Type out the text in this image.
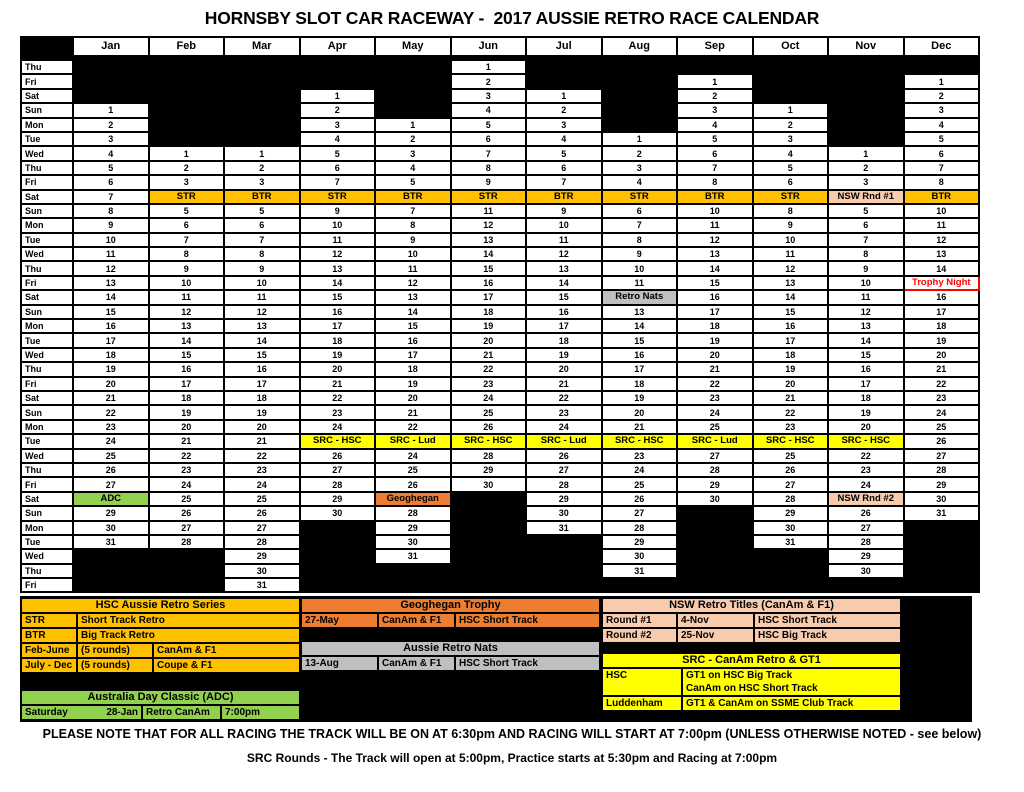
HORNSBY SLOT CAR RACEWAY -  2017 AUSSIE RETRO RACE CALENDAR
	Jan	Feb	Mar	Apr	May	Jun	Jul	Aug	Sep	Oct	Nov	Dec
Thu						1						
Fri						2			1			1
Sat				1		3	1		2			2
Sun	1			2		4	2		3	1		3
Mon	2			3	1	5	3		4	2		4
Tue	3			4	2	6	4	1	5	3		5
Wed	4	1	1	5	3	7	5	2	6	4	1	6
Thu	5	2	2	6	4	8	6	3	7	5	2	7
Fri	6	3	3	7	5	9	7	4	8	6	3	8
Sat	7	STR	BTR	STR	BTR	STR	BTR	STR	BTR	STR	NSW Rnd #1	BTR
Sun	8	5	5	9	7	11	9	6	10	8	5	10
Mon	9	6	6	10	8	12	10	7	11	9	6	11
Tue	10	7	7	11	9	13	11	8	12	10	7	12
Wed	11	8	8	12	10	14	12	9	13	11	8	13
Thu	12	9	9	13	11	15	13	10	14	12	9	14
Fri	13	10	10	14	12	16	14	11	15	13	10	Trophy Night
Sat	14	11	11	15	13	17	15	Retro Nats	16	14	11	16
Sun	15	12	12	16	14	18	16	13	17	15	12	17
Mon	16	13	13	17	15	19	17	14	18	16	13	18
Tue	17	14	14	18	16	20	18	15	19	17	14	19
Wed	18	15	15	19	17	21	19	16	20	18	15	20
Thu	19	16	16	20	18	22	20	17	21	19	16	21
Fri	20	17	17	21	19	23	21	18	22	20	17	22
Sat	21	18	18	22	20	24	22	19	23	21	18	23
Sun	22	19	19	23	21	25	23	20	24	22	19	24
Mon	23	20	20	24	22	26	24	21	25	23	20	25
Tue	24	21	21	SRC - HSC	SRC - Lud	SRC - HSC	SRC - Lud	SRC - HSC	SRC - Lud	SRC - HSC	SRC - HSC	26
Wed	25	22	22	26	24	28	26	23	27	25	22	27
Thu	26	23	23	27	25	29	27	24	28	26	23	28
Fri	27	24	24	28	26	30	28	25	29	27	24	29
Sat	ADC	25	25	29	Geoghegan		29	26	30	28	NSW Rnd #2	30
Sun	29	26	26	30	28		30	27		29	26	31
Mon	30	27	27		29		31	28		30	27	
Tue	31	28	28		30			29		31	28	
Wed			29		31			30			29	
Thu			30					31			30	
Fri			31									
HSC Aussie Retro Series
STR	Short Track Retro
BTR	Big Track Retro
Feb-June	(5 rounds)	CanAm & F1
July - Dec (5 rounds)	Coupe & F1
Australia Day Classic (ADC)
Saturday	28-Jan Retro CanAm	7:00pm
Geoghegan Trophy
27-May	CanAm & F1	HSC Short Track
Aussie Retro Nats
13-Aug	CanAm & F1	HSC Short Track
NSW Retro Titles (CanAm & F1)
Round #1	4-Nov	HSC Short Track
Round #2	25-Nov	HSC Big Track
SRC - CanAm Retro & GT1
HSC	GT1 on HSC Big Track
CanAm on HSC Short Track
Luddenham	GT1 & CanAm on SSME Club Track
PLEASE NOTE THAT FOR ALL RACING THE TRACK WILL BE ON AT 6:30pm AND RACING WILL START AT 7:00pm (UNLESS OTHERWISE NOTED - see below)
SRC Rounds - The Track will open at 5:00pm, Practice starts at 5:30pm and Racing at 7:00pm
